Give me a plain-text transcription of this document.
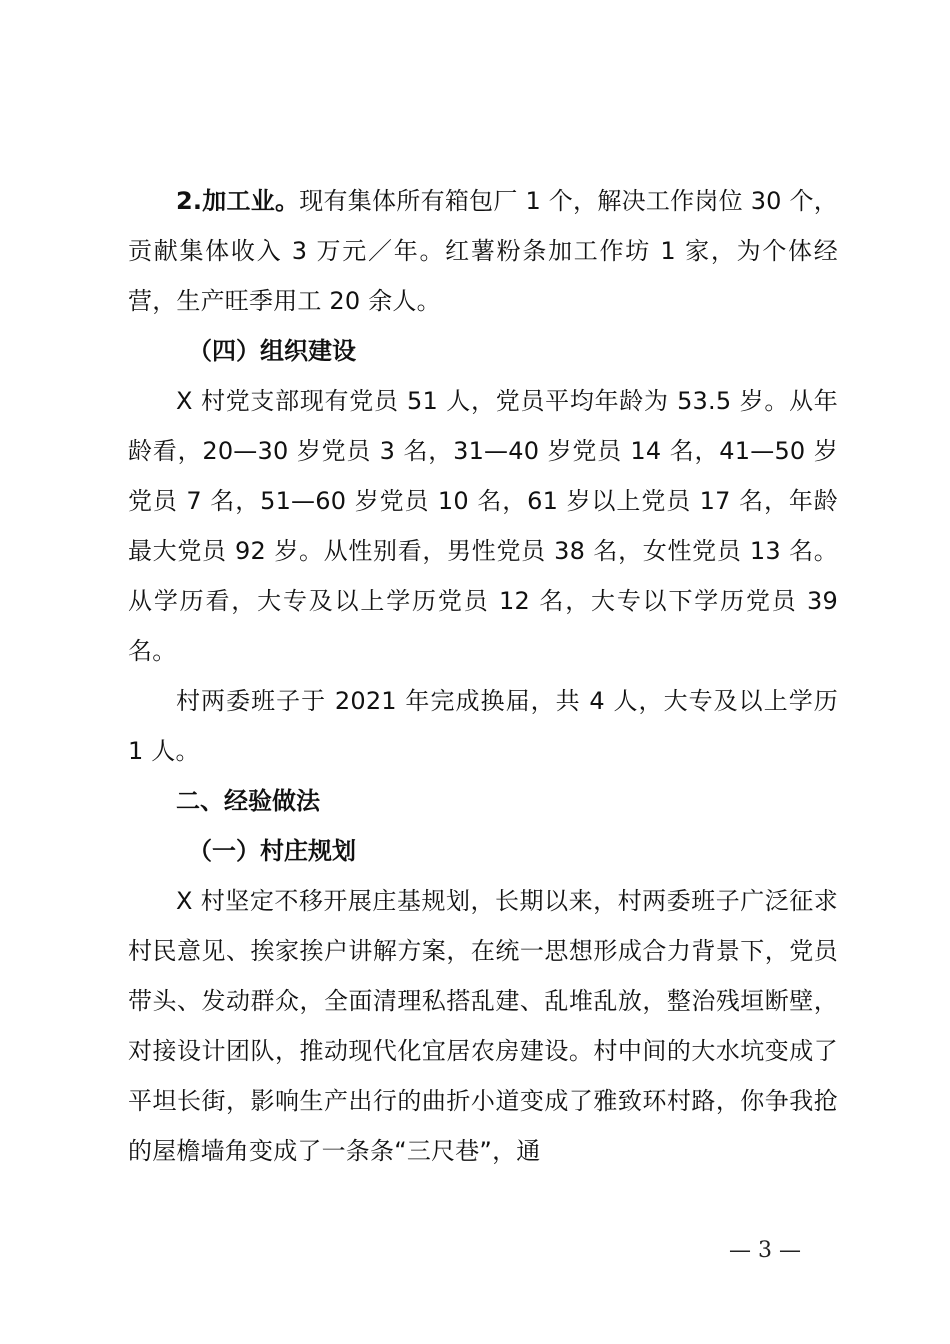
2.加工业。现有集体所有箱包厂 1 个，解决工作岗位 30 个，贡献集体收入 3 万元／年。红薯粉条加工作坊 1 家，为个体经营，生产旺季用工 20 余人。

（四）组织建设

X 村党支部现有党员 51 人，党员平均年龄为 53.5 岁。从年龄看，20—30 岁党员 3 名，31—40 岁党员 14 名，41—50 岁党员 7 名，51—60 岁党员 10 名，61 岁以上党员 17 名，年龄最大党员 92 岁。从性别看，男性党员 38 名，女性党员 13 名。从学历看，大专及以上学历党员 12 名，大专以下学历党员 39 名。

村两委班子于 2021 年完成换届，共 4 人，大专及以上学历 1 人。

二、经验做法

（一）村庄规划

X 村坚定不移开展庄基规划，长期以来，村两委班子广泛征求村民意见、挨家挨户讲解方案，在统一思想形成合力背景下，党员带头、发动群众，全面清理私搭乱建、乱堆乱放，整治残垣断壁，对接设计团队，推动现代化宜居农房建设。村中间的大水坑变成了平坦长街，影响生产出行的曲折小道变成了雅致环村路，你争我抢的屋檐墙角变成了一条条“三尺巷”，通

— 3 —
